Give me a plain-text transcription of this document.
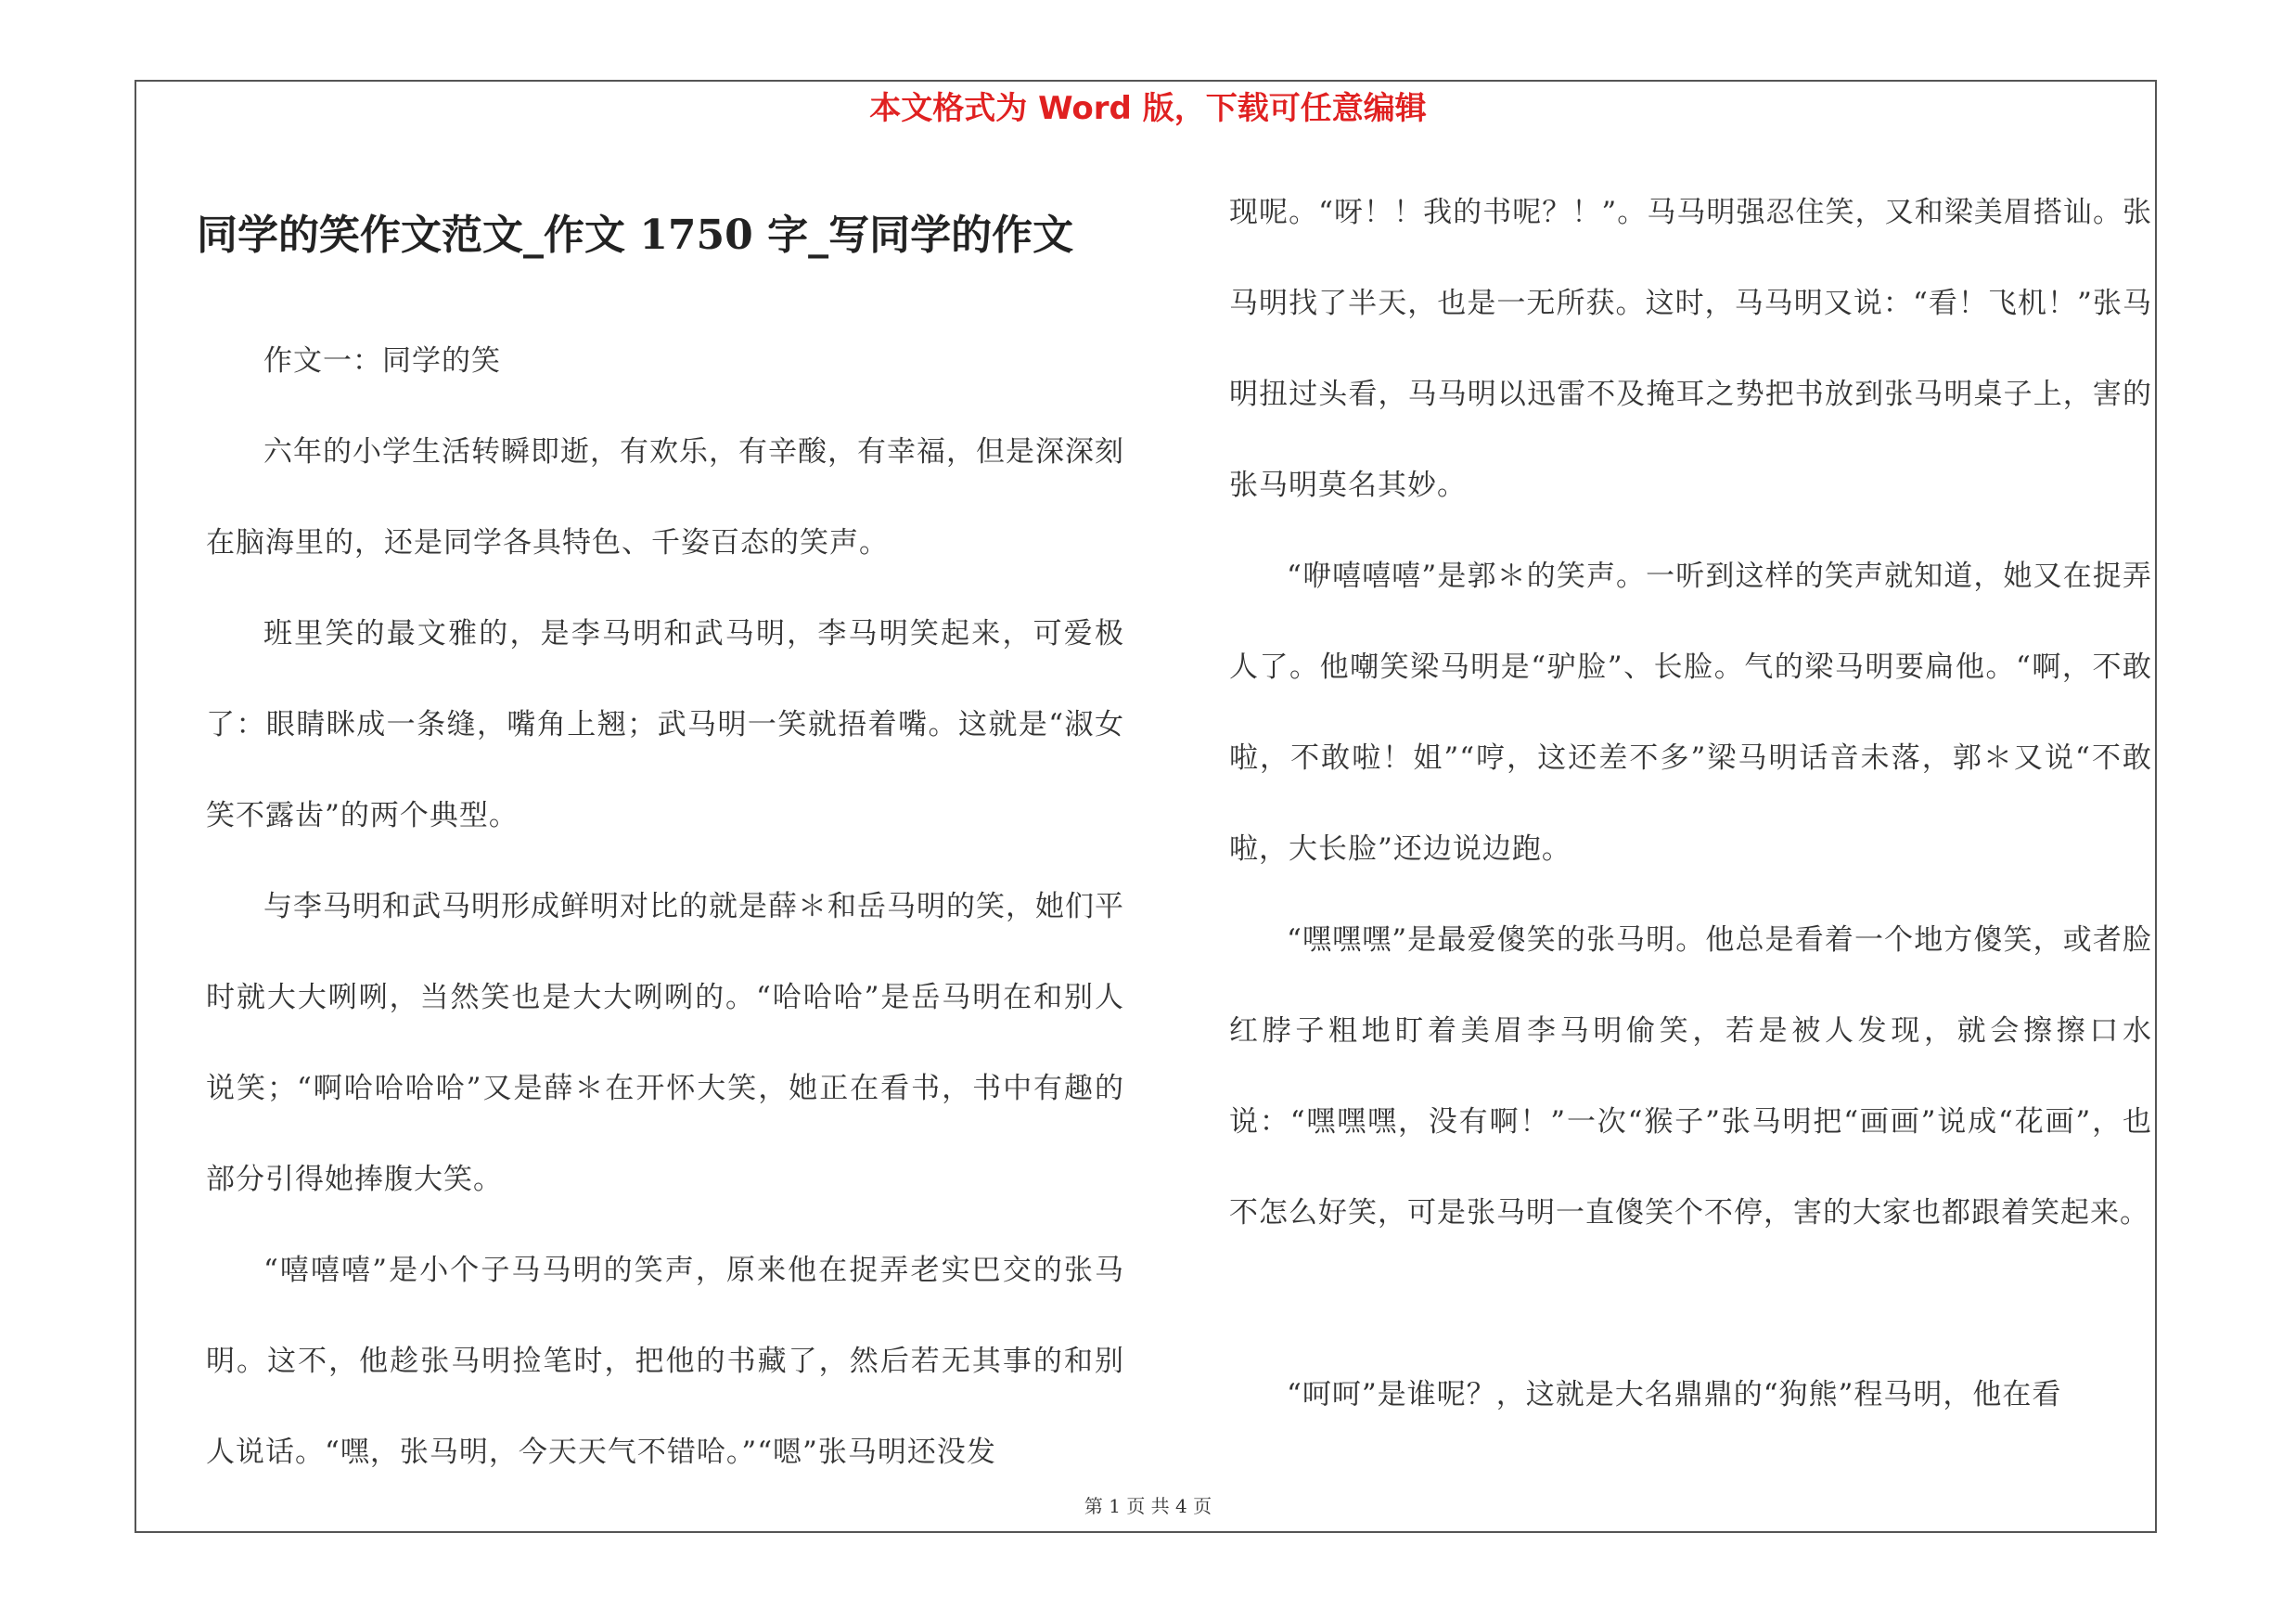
本文格式为 Word 版，下载可任意编辑
同学的笑作文范文_作文 1750 字_写同学的作文

作文一：同学的笑

六年的小学生活转瞬即逝，有欢乐，有辛酸，有幸福，但是深深刻在脑海里的，还是同学各具特色、千姿百态的笑声。

班里笑的最文雅的，是李马明和武马明，李马明笑起来，可爱极了：眼睛眯成一条缝，嘴角上翘；武马明一笑就捂着嘴。这就是“淑女笑不露齿”的两个典型。

与李马明和武马明形成鲜明对比的就是薛＊和岳马明的笑，她们平时就大大咧咧，当然笑也是大大咧咧的。“哈哈哈”是岳马明在和别人说笑；“啊哈哈哈哈”又是薛＊在开怀大笑，她正在看书，书中有趣的部分引得她捧腹大笑。

“嘻嘻嘻”是小个子马马明的笑声，原来他在捉弄老实巴交的张马明。这不，他趁张马明捡笔时，把他的书藏了，然后若无其事的和别人说话。“嘿，张马明，今天天气不错哈。”“嗯”张马明还没发

现呢。“呀！！我的书呢？！”。马马明强忍住笑，又和梁美眉搭讪。张马明找了半天，也是一无所获。这时，马马明又说：“看！飞机！”张马明扭过头看，马马明以迅雷不及掩耳之势把书放到张马明桌子上，害的张马明莫名其妙。

“咿嘻嘻嘻”是郭＊的笑声。一听到这样的笑声就知道，她又在捉弄人了。他嘲笑梁马明是“驴脸”、长脸。气的梁马明要扁他。“啊，不敢啦，不敢啦！姐”“哼，这还差不多”梁马明话音未落，郭＊又说“不敢啦，大长脸”还边说边跑。

“嘿嘿嘿”是最爱傻笑的张马明。他总是看着一个地方傻笑，或者脸红脖子粗地盯着美眉李马明偷笑，若是被人发现，就会擦擦口水说：“嘿嘿嘿，没有啊！”一次“猴子”张马明把“画画”说成“花画”，也不怎么好笑，可是张马明一直傻笑个不停，害的大家也都跟着笑起来。

“呵呵”是谁呢？，这就是大名鼎鼎的“狗熊”程马明，他在看

第 1 页 共 4 页
